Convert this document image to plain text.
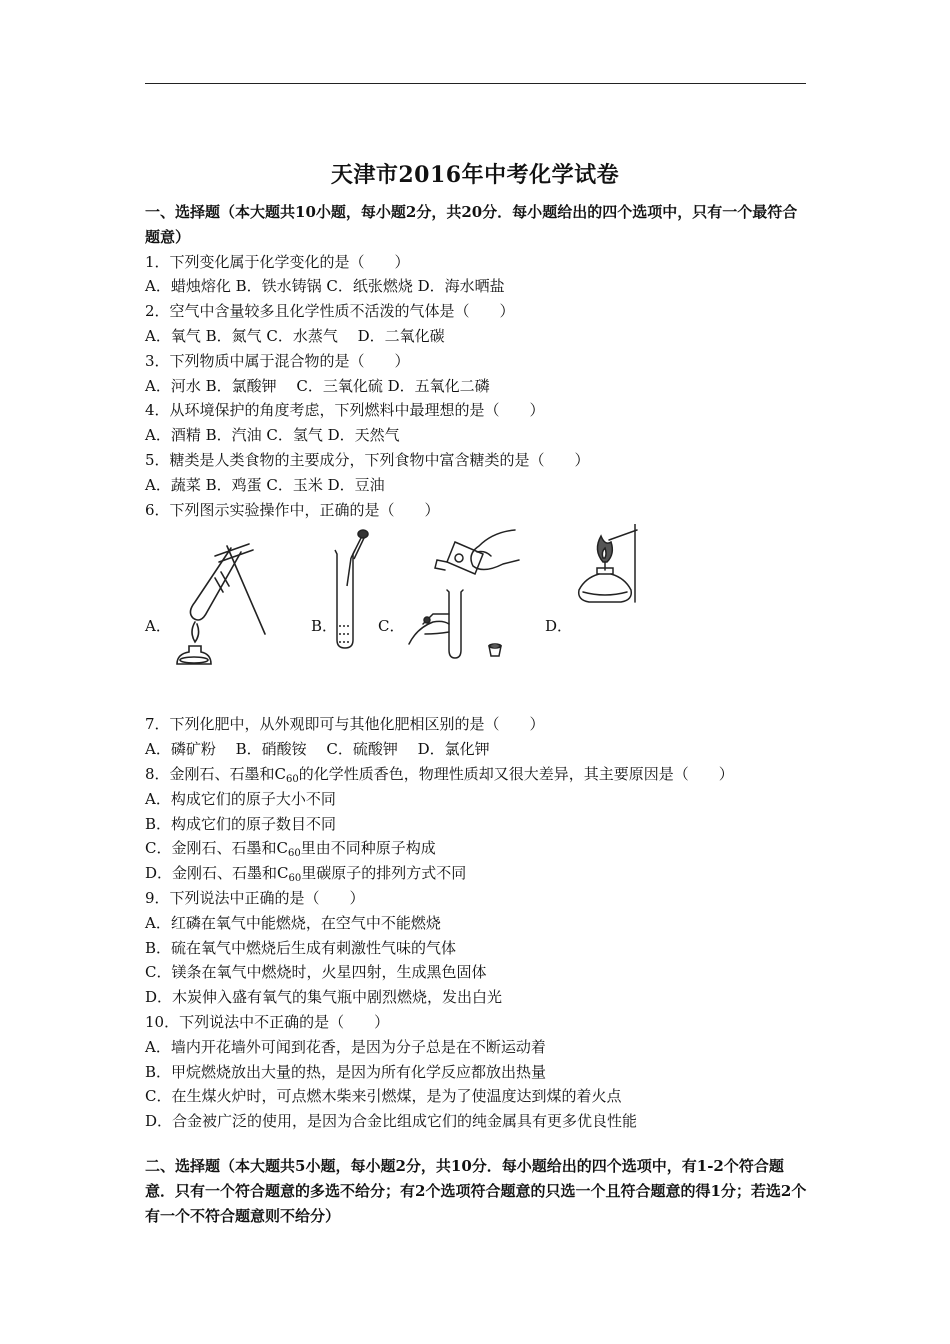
天津市2016年中考化学试卷
一、选择题（本大题共10小题，每小题2分，共20分．每小题给出的四个选项中，只有一个最符合题意）
1．下列变化属于化学变化的是（　　）
A．蜡烛熔化 B．铁水铸锅 C．纸张燃烧 D．海水晒盐
2．空气中含量较多且化学性质不活泼的气体是（　　）
A．氧气 B．氮气 C．水蒸气　 D．二氧化碳
3．下列物质中属于混合物的是（　　）
A．河水 B．氯酸钾　 C．三氧化硫 D．五氧化二磷
4．从环境保护的角度考虑，下列燃料中最理想的是（　　）
A．酒精 B．汽油 C．氢气 D．天然气
5．糖类是人类食物的主要成分，下列食物中富含糖类的是（　　）
A．蔬菜 B．鸡蛋 C．玉米 D．豆油
6．下列图示实验操作中，正确的是（　　）
A．	B．	C．	D．
7．下列化肥中，从外观即可与其他化肥相区别的是（　　）
A．磷矿粉　 B．硝酸铵　 C．硫酸钾　 D．氯化钾
8．金刚石、石墨和$C_{60}$的化学性质香色，物理性质却又很大差异，其主要原因是（　　）
A．构成它们的原子大小不同
B．构成它们的原子数目不同
C．金刚石、石墨和$C_{60}$里由不同种原子构成
D．金刚石、石墨和$C_{60}$里碳原子的排列方式不同
9．下列说法中正确的是（　　）
A．红磷在氧气中能燃烧，在空气中不能燃烧
B．硫在氧气中燃烧后生成有刺激性气味的气体
C．镁条在氧气中燃烧时，火星四射，生成黑色固体
D．木炭伸入盛有氧气的集气瓶中剧烈燃烧，发出白光
10．下列说法中不正确的是（　　）
A．墙内开花墙外可闻到花香，是因为分子总是在不断运动着
B．甲烷燃烧放出大量的热，是因为所有化学反应都放出热量
C．在生煤火炉时，可点燃木柴来引燃煤，是为了使温度达到煤的着火点
D．合金被广泛的使用，是因为合金比组成它们的纯金属具有更多优良性能
二、选择题（本大题共5小题，每小题2分，共10分．每小题给出的四个选项中，有1-2个符合题意．只有一个符合题意的多选不给分；有2个选项符合题意的只选一个且符合题意的得1分；若选2个有一个不符合题意则不给分）
